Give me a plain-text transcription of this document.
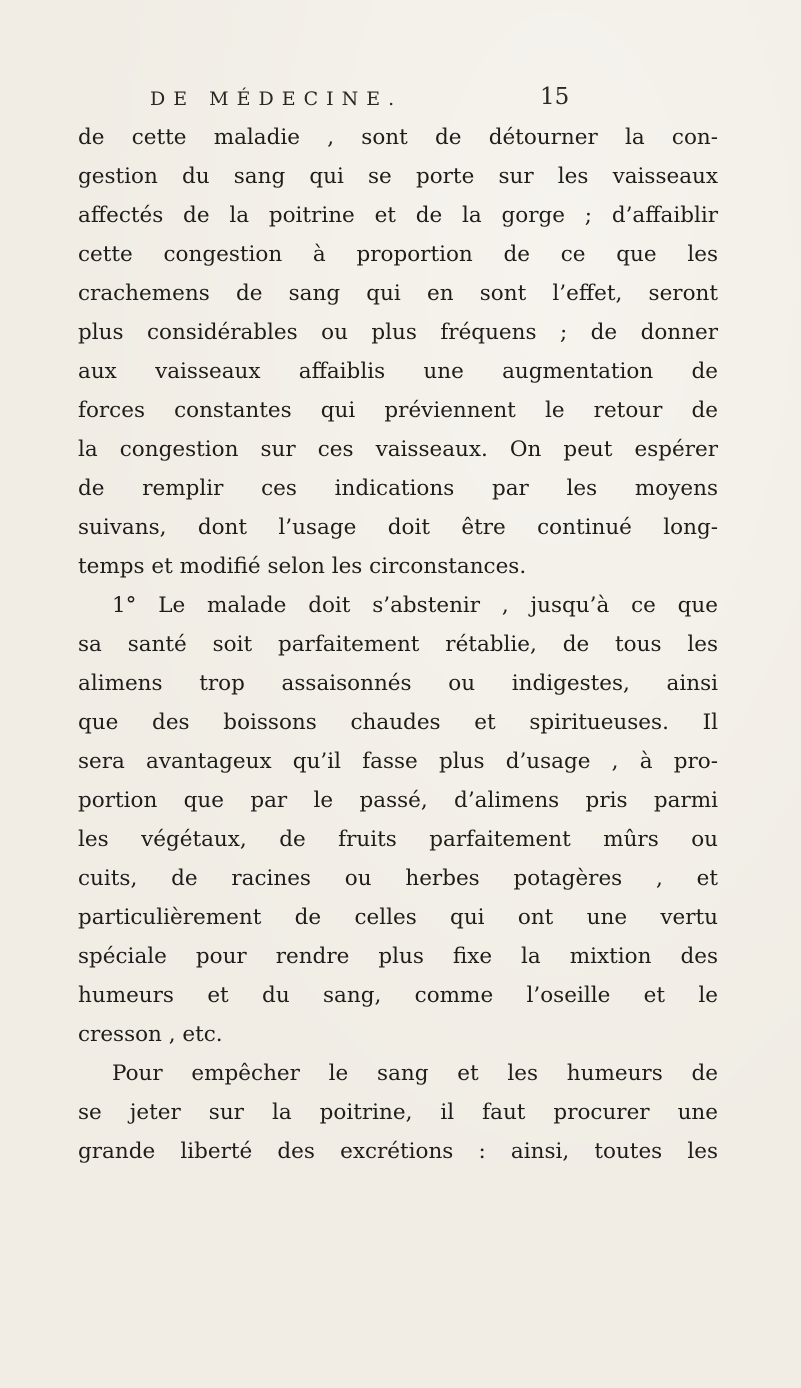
DE MÉDECINE.	15
de cette maladie , sont de détourner la con-
gestion du sang qui se porte sur les vaisseaux
affectés de la poitrine et de la gorge ; d’affaiblir
cette congestion à proportion de ce que les
crachemens de sang qui en sont l’effet, seront
plus considérables ou plus fréquens ; de donner
aux vaisseaux affaiblis une augmentation de
forces constantes qui préviennent le retour de
la congestion sur ces vaisseaux. On peut espérer
de remplir ces indications par les moyens
suivans, dont l’usage doit être continué long-
temps et modifié selon les circonstances.
1° Le malade doit s’abstenir , jusqu’à ce que
sa santé soit parfaitement rétablie, de tous les
alimens trop assaisonnés ou indigestes, ainsi
que des boissons chaudes et spiritueuses. Il
sera avantageux qu’il fasse plus d’usage , à pro-
portion que par le passé, d’alimens pris parmi
les végétaux, de fruits parfaitement mûrs ou
cuits, de racines ou herbes potagères , et
particulièrement de celles qui ont une vertu
spéciale pour rendre plus fixe la mixtion des
humeurs et du sang, comme l’oseille et le
cresson , etc.
Pour empêcher le sang et les humeurs de
se jeter sur la poitrine, il faut procurer une
grande liberté des excrétions : ainsi, toutes les
